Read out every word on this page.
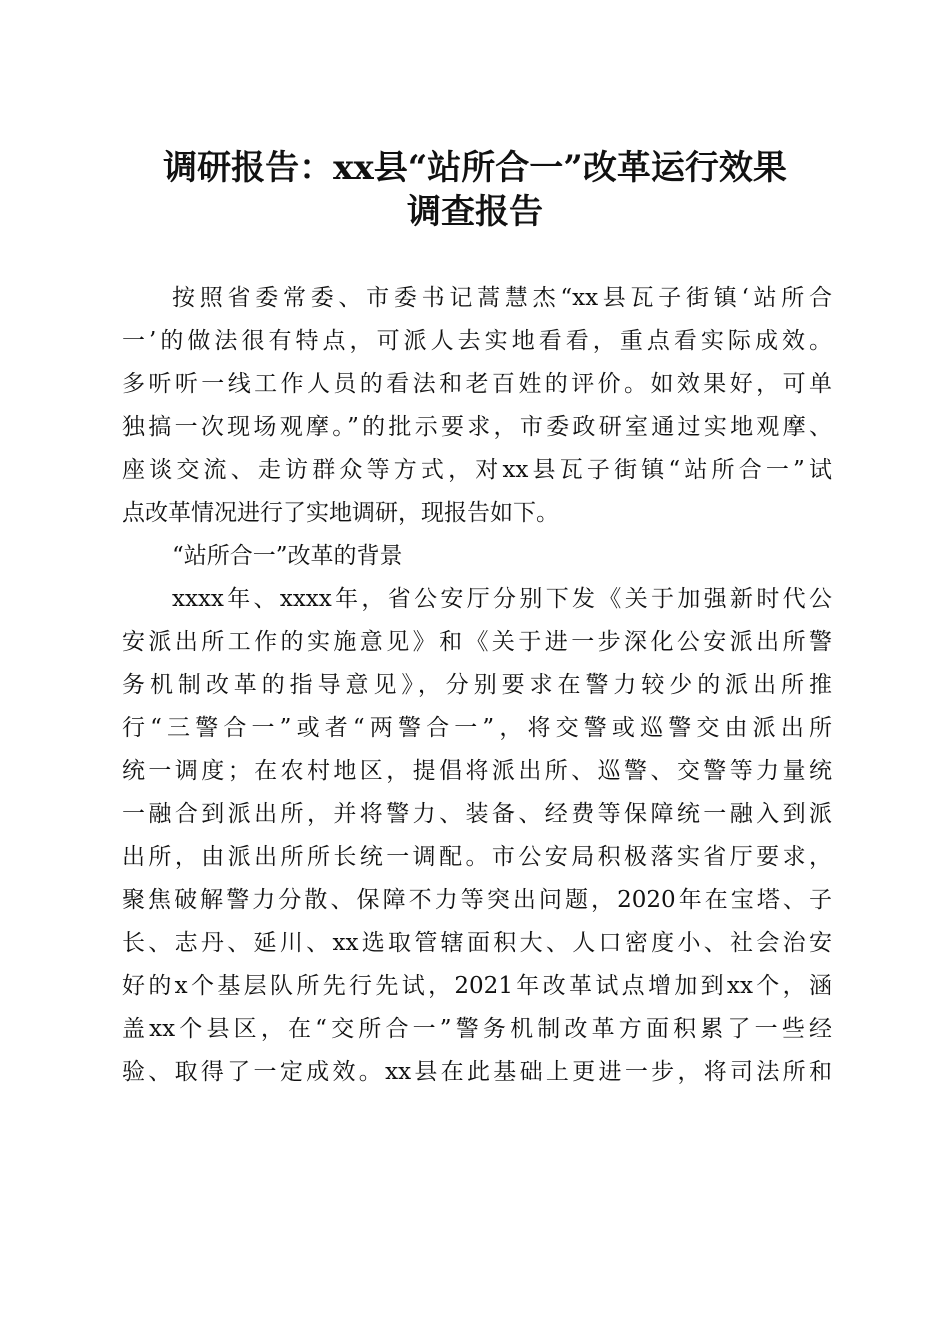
调研报告：xx县“站所合一”改革运行效果
调查报告
按照省委常委、市委书记蒿慧杰“xx县瓦子街镇‘站所合
一’的做法很有特点，可派人去实地看看，重点看实际成效。
多听听一线工作人员的看法和老百姓的评价。如效果好，可单
独搞一次现场观摩。”的批示要求，市委政研室通过实地观摩、
座谈交流、走访群众等方式，对xx县瓦子街镇“站所合一”试
点改革情况进行了实地调研，现报告如下。
“站所合一”改革的背景
xxxx年、xxxx年，省公安厅分别下发《关于加强新时代公
安派出所工作的实施意见》和《关于进一步深化公安派出所警
务机制改革的指导意见》，分别要求在警力较少的派出所推
行“三警合一”或者“两警合一”，将交警或巡警交由派出所
统一调度；在农村地区，提倡将派出所、巡警、交警等力量统
一融合到派出所，并将警力、装备、经费等保障统一融入到派
出所，由派出所所长统一调配。市公安局积极落实省厅要求，
聚焦破解警力分散、保障不力等突出问题，2020年在宝塔、子
长、志丹、延川、xx选取管辖面积大、人口密度小、社会治安
好的x个基层队所先行先试，2021年改革试点增加到xx个，涵
盖xx个县区，在“交所合一”警务机制改革方面积累了一些经
验、取得了一定成效。xx县在此基础上更进一步，将司法所和
